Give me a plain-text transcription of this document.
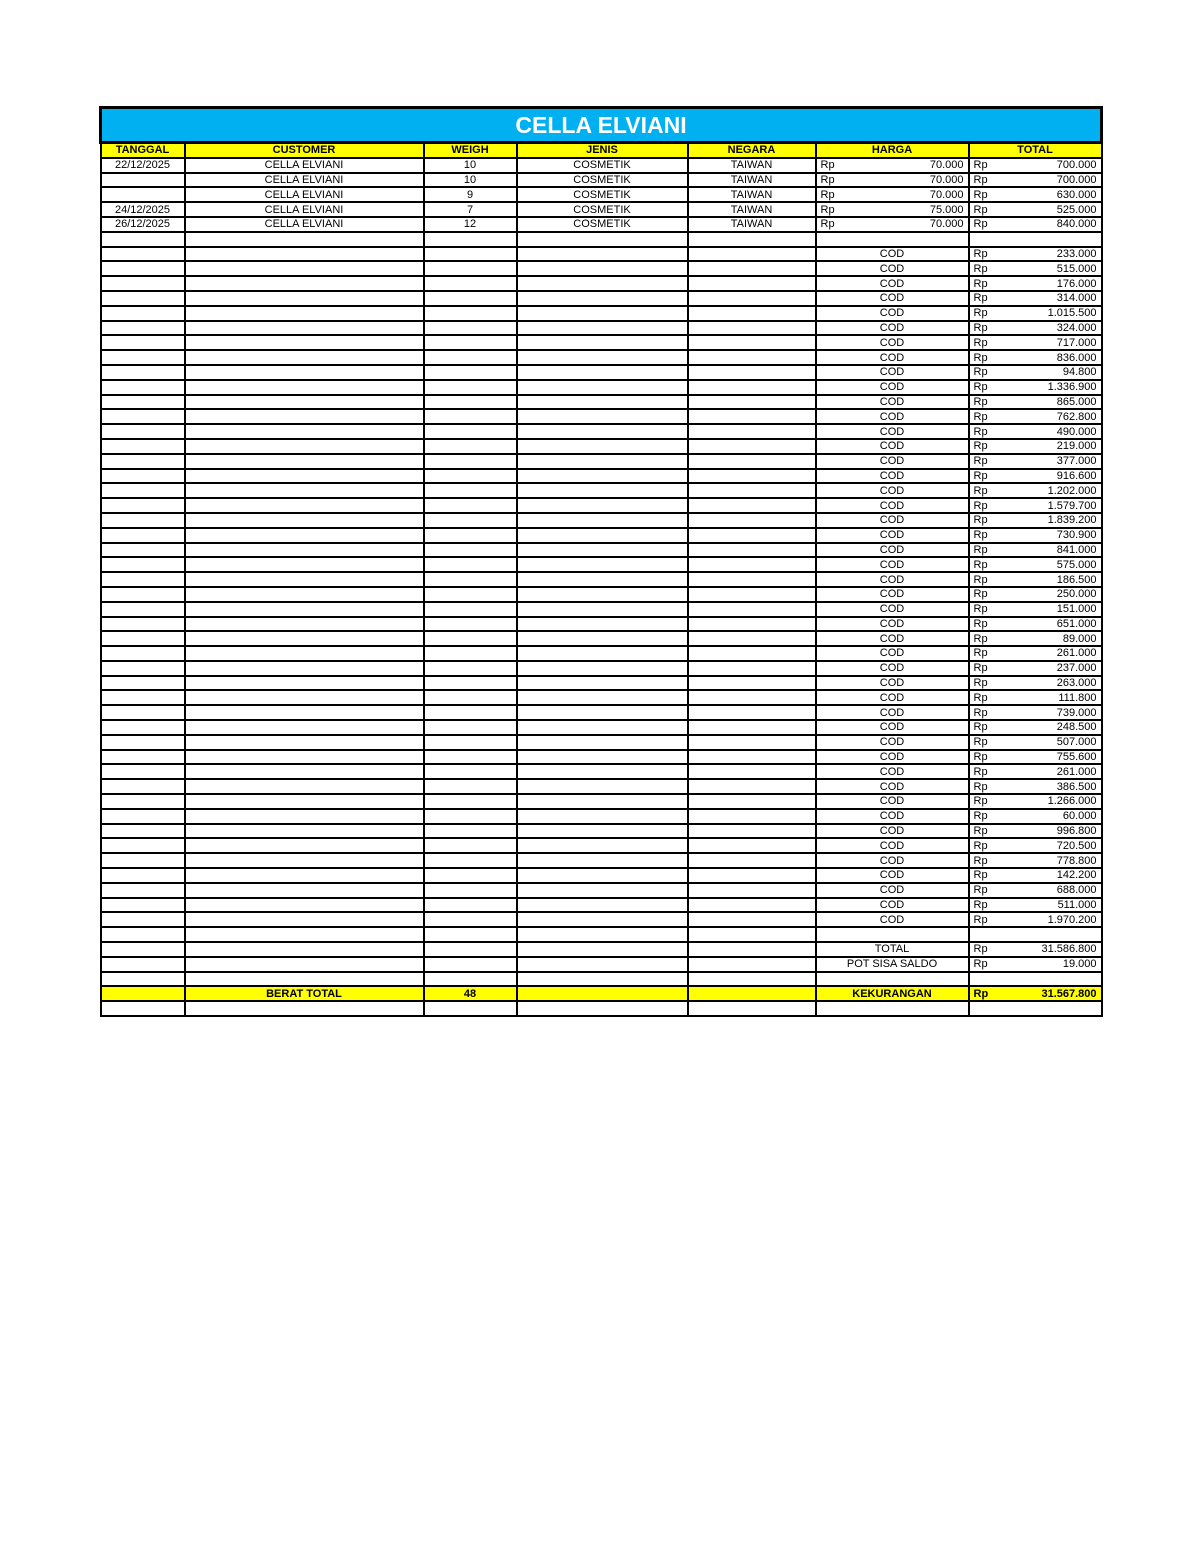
CELLA ELVIANI						
TANGGAL	CUSTOMER	WEIGH	JENIS	NEGARA	HARGA	TOTAL
22/12/2025	CELLA ELVIANI	10	COSMETIK	TAIWAN	Rp 70.000	Rp 700.000

	CELLA ELVIANI	10	COSMETIK	TAIWAN	Rp 70.000	Rp 700.000

	CELLA ELVIANI	9	COSMETIK	TAIWAN	Rp 70.000	Rp 630.000

24/12/2025	CELLA ELVIANI	7	COSMETIK	TAIWAN	Rp 75.000	Rp 525.000

26/12/2025	CELLA ELVIANI	12	COSMETIK	TAIWAN	Rp 70.000	Rp 840.000

					COD	Rp 233.000

					COD	Rp 515.000

					COD	Rp 176.000

					COD	Rp 314.000

					COD	Rp 1.015.500

					COD	Rp 324.000

					COD	Rp 717.000

					COD	Rp 836.000

					COD	Rp 94.800

					COD	Rp 1.336.900

					COD	Rp 865.000

					COD	Rp 762.800

					COD	Rp 490.000

					COD	Rp 219.000

					COD	Rp 377.000

					COD	Rp 916.600

					COD	Rp 1.202.000

					COD	Rp 1.579.700

					COD	Rp 1.839.200

					COD	Rp 730.900

					COD	Rp 841.000

					COD	Rp 575.000

					COD	Rp 186.500

					COD	Rp 250.000

					COD	Rp 151.000

					COD	Rp 651.000

					COD	Rp 89.000

					COD	Rp 261.000

					COD	Rp 237.000

					COD	Rp 263.000

					COD	Rp 111.800

					COD	Rp 739.000

					COD	Rp 248.500

					COD	Rp 507.000

					COD	Rp 755.600

					COD	Rp 261.000

					COD	Rp 386.500

					COD	Rp 1.266.000

					COD	Rp 60.000

					COD	Rp 996.800

					COD	Rp 720.500

					COD	Rp 778.800

					COD	Rp 142.200

					COD	Rp 688.000

					COD	Rp 511.000

					COD	Rp 1.970.200

					TOTAL	Rp 31.586.800

					POT SISA SALDO	Rp 19.000

	BERAT TOTAL	48			KEKURANGAN	Rp 31.567.800
